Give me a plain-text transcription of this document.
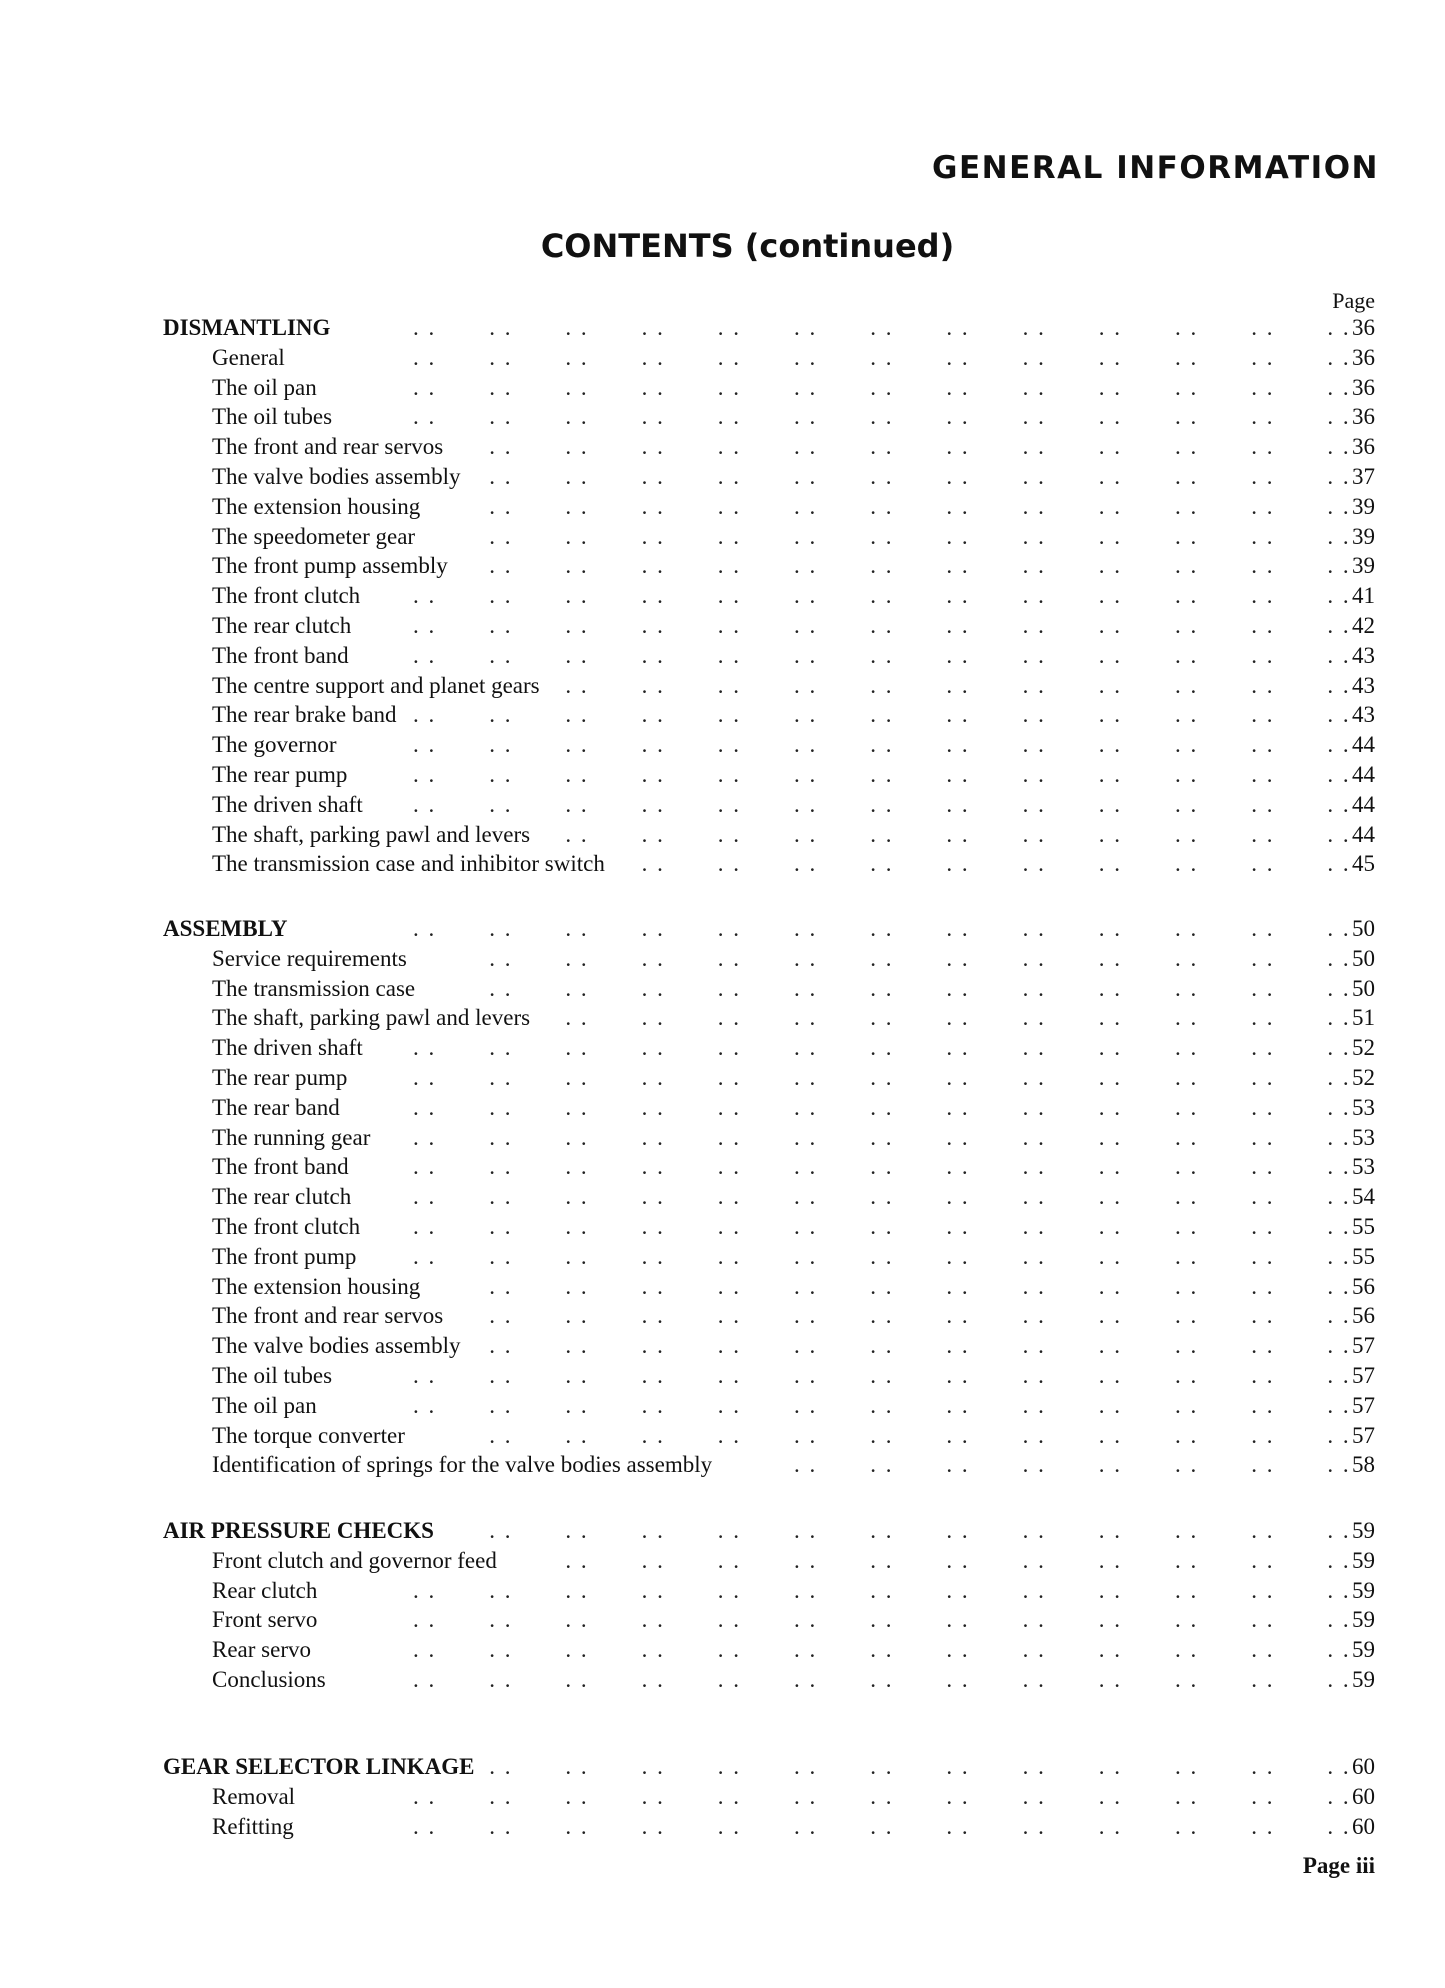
GENERAL INFORMATION
CONTENTS (continued)
Page
. . . . . . . . . . . . . . . . . . . . . . . . . .
DISMANTLING	36
. . . . . . . . . . . . . . . . . . . . . . . . . .
General	36
. . . . . . . . . . . . . . . . . . . . . . . . . .
The oil pan	36
. . . . . . . . . . . . . . . . . . . . . . . . . .
The oil tubes	36
. . . . . . . . . . . . . . . . . . . . . . . .
The front and rear servos	36
. . . . . . . . . . . . . . . . . . . . . . . .
The valve bodies assembly	37
. . . . . . . . . . . . . . . . . . . . . . . .
The extension housing	39
. . . . . . . . . . . . . . . . . . . . . . . .
The speedometer gear	39
. . . . . . . . . . . . . . . . . . . . . . . .
The front pump assembly	39
. . . . . . . . . . . . . . . . . . . . . . . . . .
The front clutch	41
. . . . . . . . . . . . . . . . . . . . . . . . . .
The rear clutch	42
. . . . . . . . . . . . . . . . . . . . . . . . . .
The front band	43
. . . . . . . . . . . . . . . . . . . . . .
The centre support and planet gears	43
. . . . . . . . . . . . . . . . . . . . . . . . . .
The rear brake band	43
. . . . . . . . . . . . . . . . . . . . . . . . . .
The governor	44
. . . . . . . . . . . . . . . . . . . . . . . . . .
The rear pump	44
. . . . . . . . . . . . . . . . . . . . . . . . . .
The driven shaft	44
. . . . . . . . . . . . . . . . . . . . . .
The shaft, parking pawl and levers	44
. . . . . . . . . . . . . . . . . . . .
The transmission case and inhibitor switch	45
. . . . . . . . . . . . . . . . . . . . . . . . . .
ASSEMBLY	50
. . . . . . . . . . . . . . . . . . . . . . . .
Service requirements	50
. . . . . . . . . . . . . . . . . . . . . . . .
The transmission case	50
. . . . . . . . . . . . . . . . . . . . . .
The shaft, parking pawl and levers	51
. . . . . . . . . . . . . . . . . . . . . . . . . .
The driven shaft	52
. . . . . . . . . . . . . . . . . . . . . . . . . .
The rear pump	52
. . . . . . . . . . . . . . . . . . . . . . . . . .
The rear band	53
. . . . . . . . . . . . . . . . . . . . . . . . . .
The running gear	53
. . . . . . . . . . . . . . . . . . . . . . . . . .
The front band	53
. . . . . . . . . . . . . . . . . . . . . . . . . .
The rear clutch	54
. . . . . . . . . . . . . . . . . . . . . . . . . .
The front clutch	55
. . . . . . . . . . . . . . . . . . . . . . . . . .
The front pump	55
. . . . . . . . . . . . . . . . . . . . . . . .
The extension housing	56
. . . . . . . . . . . . . . . . . . . . . . . .
The front and rear servos	56
. . . . . . . . . . . . . . . . . . . . . . . .
The valve bodies assembly	57
. . . . . . . . . . . . . . . . . . . . . . . . . .
The oil tubes	57
. . . . . . . . . . . . . . . . . . . . . . . . . .
The oil pan	57
. . . . . . . . . . . . . . . . . . . . . . . .
The torque converter	57
. . . . . . . . . . . . . . . .
Identification of springs for the valve bodies assembly	58
. . . . . . . . . . . . . . . . . . . . . . . .
AIR PRESSURE CHECKS	59
. . . . . . . . . . . . . . . . . . . . . .
Front clutch and governor feed	59
. . . . . . . . . . . . . . . . . . . . . . . . . .
Rear clutch	59
. . . . . . . . . . . . . . . . . . . . . . . . . .
Front servo	59
. . . . . . . . . . . . . . . . . . . . . . . . . .
Rear servo	59
. . . . . . . . . . . . . . . . . . . . . . . . . .
Conclusions	59
. . . . . . . . . . . . . . . . . . . . . . . .
GEAR SELECTOR LINKAGE	60
. . . . . . . . . . . . . . . . . . . . . . . . . .
Removal	60
. . . . . . . . . . . . . . . . . . . . . . . . . .
Refitting	60
Page iii
